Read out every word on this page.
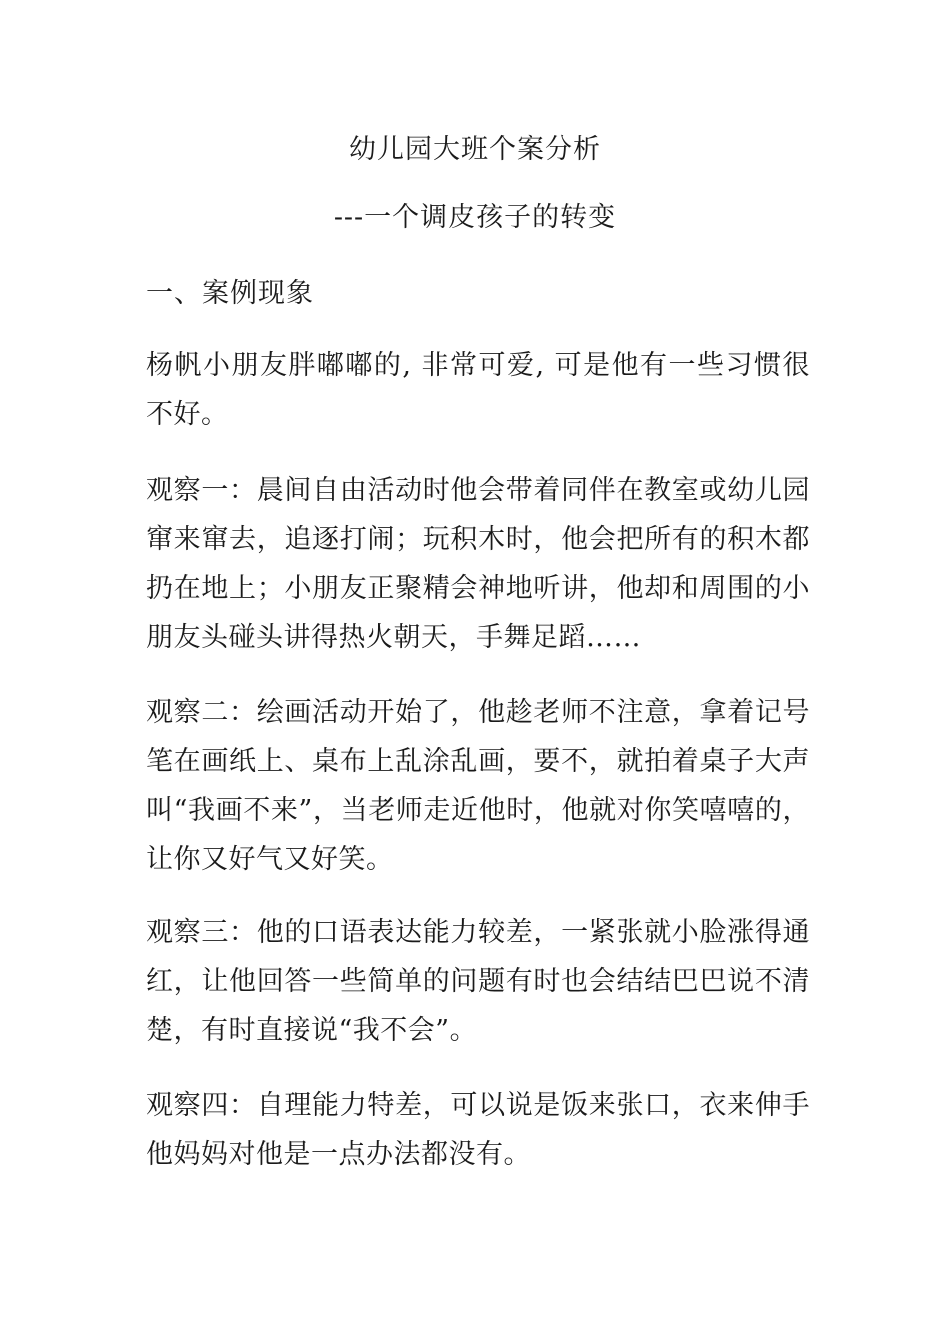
幼儿园大班个案分析
---一个调皮孩子的转变
一、案例现象

杨帆小朋友胖嘟嘟的, 非常可爱, 可是他有一些习惯很不好。

观察一：晨间自由活动时他会带着同伴在教室或幼儿园窜来窜去，追逐打闹；玩积木时，他会把所有的积木都扔在地上；小朋友正聚精会神地听讲，他却和周围的小朋友头碰头讲得热火朝天，手舞足蹈……

观察二：绘画活动开始了，他趁老师不注意，拿着记号笔在画纸上、桌布上乱涂乱画，要不，就拍着桌子大声叫“我画不来”，当老师走近他时，他就对你笑嘻嘻的，让你又好气又好笑。

观察三：他的口语表达能力较差，一紧张就小脸涨得通红，让他回答一些简单的问题有时也会结结巴巴说不清楚，有时直接说“我不会”。

观察四：自理能力特差，可以说是饭来张口，衣来伸手他妈妈对他是一点办法都没有。
